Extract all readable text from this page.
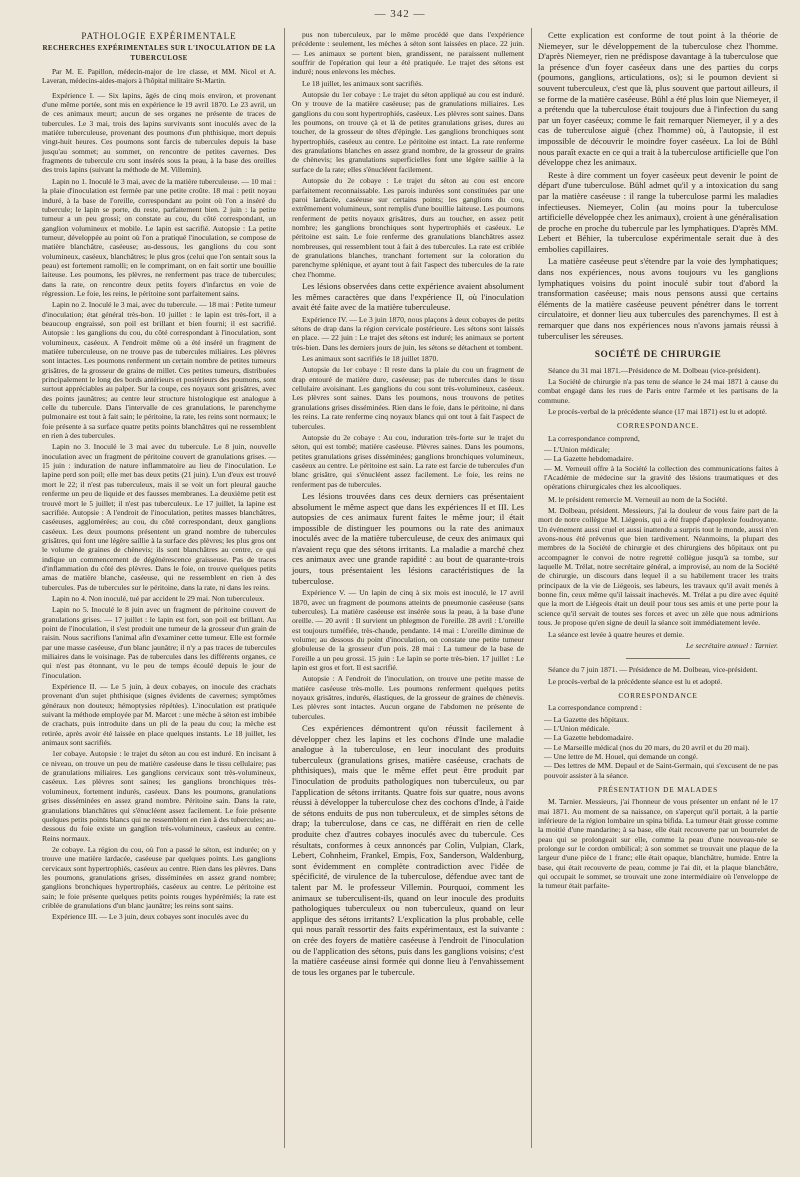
— 342 —
PATHOLOGIE EXPÉRIMENTALE
RECHERCHES EXPÉRIMENTALES SUR L'INOCULATION DE LA TUBERCULOSE

Par M. E. Papillon, médecin-major de 1re classe, et MM. Nicol et A. Laveran, médecins-aides-majors à l'hôpital militaire St-Martin.

Expérience I. — Six lapins, âgés de cinq mois environ, et provenant d'une même portée, sont mis en expérience le 19 avril 1870. Le 23 avril, un de ces animaux meurt; aucun de ses organes ne présente de traces de tubercules. Le 3 mai, trois des lapins survivants sont inoculés avec de la matière tuberculeuse, provenant des poumons d'un phthisique, mort depuis vingt-huit heures. Ces poumons sont farcis de tubercules depuis la base jusqu'au sommet; au sommet, on rencontre de petites cavernes. Des fragments de tubercule cru sont insérés sous la peau, à la base des oreilles des trois lapins (suivant la méthode de M. Villemin).

Lapin no 1. Inoculé le 3 mai, avec de la matière tuberculeuse. — 10 mai : la plaie d'inoculation est fermée par une petite croûte. 18 mai : petit noyau induré, à la base de l'oreille, correspondant au point où l'on a inséré du tubercule; le lapin se porte, du reste, parfaitement bien. 2 juin : la petite tumeur a un peu grossi; on constate au cou, du côté correspondant, un ganglion volumineux et mobile. Le lapin est sacrifié. Autopsie : La petite tumeur, développée au point où l'on a pratiqué l'inoculation, se compose de matière blanchâtre, caséeuse; au-dessous, les ganglions du cou sont volumineux, caséeux, blanchâtres; le plus gros (celui que l'on sentait sous la peau) est fortement ramolli; en le comprimant, on en fait sortir une bouillie laiteuse. Les poumons, les plèvres, ne renferment pas trace de tubercules; dans la rate, on rencontre deux petits foyers d'infarctus en voie de régression. Le foie, les reins, le péritoine sont parfaitement sains.

Lapin no 2. Inoculé le 3 mai, avec du tubercule. — 18 mai : Petite tumeur d'inoculation; état général très-bon. 10 juillet : le lapin est très-fort, il a beaucoup engraissé, son poil est brillant et bien fourni; il est sacrifié. Autopsie : les ganglions du cou, du côté correspondant à l'inoculation, sont volumineux, caséeux. A l'endroit même où a été inséré un fragment de matière tuberculeuse, on ne trouve pas de tubercules miliaires. Les plèvres sont intactes. Les poumons renferment un certain nombre de petites tumeurs grisâtres, de la grosseur de grains de millet. Ces petites tumeurs, distribuées principalement le long des bords antérieurs et postérieurs des poumons, sont surtout appréciables au palper. Sur la coupe, ces noyaux sont grisâtres, avec des points jaunâtres; au centre leur structure histologique est analogue à celle du tubercule. Dans l'intervalle de ces granulations, le parenchyme pulmonaire est tout à fait sain; le péritoine, la rate, les reins sont normaux; le foie présente à sa surface quatre petits points blanchâtres qui ne ressemblent en rien à des tubercules.

Lapin no 3. Inoculé le 3 mai avec du tubercule. Le 8 juin, nouvelle inoculation avec un fragment de péritoine couvert de granulations grises. — 15 juin : induration de nature inflammatoire au lieu de l'inoculation. Le lapine perd son poil; elle met bas deux petits (21 juin). L'un d'eux est trouvé mort le 22; il n'est pas tuberculeux, mais il se voit un fort pleural gauche renferme un peu de liquide et des fausses membranes. La deuxième petit est trouvé mort le 5 juillet; il n'est pas tuberculeux. Le 17 juillet, la lapine est sacrifiée. Autopsie : A l'endroit de l'inoculation, petites masses blanchâtres, caséeuses, agglomérées; au cou, du côté correspondant, deux ganglions caséeux. Les deux poumons présentent un grand nombre de tubercules grisâtres, qui font une légère saillie à la surface des plèvres; les plus gros ont le volume de graines de chènevis; ils sont blanchâtres au centre, ce qui indique un commencement de dégénérescence graisseuse. Pas de traces d'inflammation du côté des plèvres. Dans le foie, on trouve quelques petits amas de matière blanche, caséeuse, qui ne ressemblent en rien à des tubercules. Pas de tubercules sur le péritoine, dans la rate, ni dans les reins.

Lapin no 4. Non inoculé, tué par accident le 29 mai. Non tuberculeux.

Lapin no 5. Inoculé le 8 juin avec un fragment de péritoine couvert de granulations grises. — 17 juillet : le lapin est fort, son poil est brillant. Au point de l'inoculation, il s'est produit une tumeur de la grosseur d'un grain de raisin. Nous sacrifions l'animal afin d'examiner cette tumeur. Elle est formée par une masse caséeuse, d'un blanc jaunâtre; il n'y a pas traces de tubercules miliaires dans le voisinage. Pas de tubercules dans les différents organes, ce qui n'est pas étonnant, vu le peu de temps écoulé depuis le jour de l'inoculation.

Expérience II. — Le 5 juin, à deux cobayes, on inocule des crachats provenant d'un sujet phthisique (signes évidents de cavernes; symptômes généraux non douteux; hémoptysies répétées). L'inoculation est pratiquée suivant la méthode employée par M. Marcet : une mèche à séton est imbibée de crachats, puis introduite dans un pli de la peau du cou; la mèche est retirée, après avoir été laissée en place quelques instants. Le 18 juillet, les animaux sont sacrifiés.

1er cobaye. Autopsie : le trajet du séton au cou est induré. En incisant à ce niveau, on trouve un peu de matière caséeuse dans le tissu cellulaire; pas de granulations miliaires. Les ganglions cervicaux sont très-volumineux, caséeux. Les plèvres sont saines; les ganglions bronchiques très-volumineux, fortement indurés, caséeux. Dans les poumons, granulations grises disséminées en assez grand nombre. Péritoine sain. Dans la rate, granulations blanchâtres qui s'énucléent assez facilement. Le foie présente quelques petits points blancs qui ne ressemblent en rien à des tubercules; au-dessous du foie existe un ganglion très-volumineux, caséeux au centre. Reins normaux.

2e cobaye. La région du cou, où l'on a passé le séton, est indurée; on y trouve une matière lardacée, caséeuse par quelques points. Les ganglions cervicaux sont hypertrophiés, caséeux au centre. Rien dans les plèvres. Dans les poumons, granulations grises, disséminées en assez grand nombre; ganglions bronchiques hypertrophiés, caséeux au centre. Le péritoine est sain; le foie présente quelques petits points rouges hypérémiés; la rate est criblée de granulations d'un blanc jaunâtre; les reins sont sains.

Expérience III. — Le 3 juin, deux cobayes sont inoculés avec du

pus non tuberculeux, par le même procédé que dans l'expérience précédente : seulement, les mèches à séton sont laissées en place. 22 juin. — Les animaux se portent bien, grandissent, ne paraissent nullement souffrir de l'opération qui leur a été pratiquée. Le trajet des sétons est induré; nous enlevons les mèches.

Le 18 juillet, les animaux sont sacrifiés.

Autopsie du 1er cobaye : Le trajet du séton appliqué au cou est induré. On y trouve de la matière caséeuse; pas de granulations miliaires. Les ganglions du cou sont hypertrophiés, caséeux. Les plèvres sont saines. Dans les poumons, on trouve çà et là de petites granulations grises, dures au toucher, de la grosseur de têtes d'épingle. Les ganglions bronchiques sont hypertrophiés, caséeux au centre. Le péritoine est intact. La rate renferme des granulations blanches en assez grand nombre, de la grosseur de grains de chènevis; les granulations superficielles font une légère saillie à la surface de la rate; elles s'énucléent facilement.

Autopsie du 2e cobaye : Le trajet du séton au cou est encore parfaitement reconnaissable. Les parois indurées sont constituées par une paroi lardacée, caséeuse sur certains points; les ganglions du cou, extrêmement volumineux, sont remplis d'une bouillie laiteuse. Les poumons renferment de petits noyaux grisâtres, durs au toucher, en assez petit nombre; les ganglions bronchiques sont hypertrophiés et caséeux. Le péritoine est sain. Le foie renferme des granulations blanchâtres assez nombreuses, qui ressemblent tout à fait à des tubercules. La rate est criblée de granulations blanches, tranchant fortement sur la coloration du parenchyme splénique, et ayant tout à fait l'aspect des tubercules de la rate chez l'homme.

Les lésions observées dans cette expérience avaient absolument les mêmes caractères que dans l'expérience II, où l'inoculation avait été faite avec de la matière tuberculeuse.

Expérience IV. — Le 3 juin 1870, nous plaçons à deux cobayes de petits sétons de drap dans la région cervicale postérieure. Les sétons sont laissés en place. — 22 juin : Le trajet des sétons est induré; les animaux se portent très-bien. Dans les derniers jours de juin, les sétons se détachent et tombent.

Les animaux sont sacrifiés le 18 juillet 1870.

Autopsie du 1er cobaye : Il reste dans la plaie du cou un fragment de drap entouré de matière dure, caséeuse; pas de tubercules dans le tissu cellulaire avoisinant. Les ganglions du cou sont très-volumineux, caséeux. Les plèvres sont saines. Dans les poumons, nous trouvons de petites granulations grises disséminées. Rien dans le foie, dans le péritoine, ni dans les reins. La rate renferme cinq noyaux blancs qui ont tout à fait l'aspect de tubercules.

Autopsie du 2e cobaye : Au cou, induration très-forte sur le trajet du séton, qui est tombé; matière caséeuse. Plèvres saines. Dans les poumons, petites granulations grises disséminées; ganglions bronchiques volumineux, caséeux au centre. Le péritoine est sain. La rate est farcie de tubercules d'un blanc grisâtre, qui s'énucléent assez facilement. Le foie, les reins ne renferment pas de tubercules.

Les lésions trouvées dans ces deux derniers cas présentaient absolument le même aspect que dans les expériences II et III. Les autopsies de ces animaux furent faites le même jour; il était impossible de distinguer les poumons ou la rate des animaux inoculés avec de la matière tuberculeuse, de ceux des animaux qui n'avaient reçu que des sétons irritants. La maladie a marché chez ces animaux avec une grande rapidité : au bout de quarante-trois jours, tous présentaient les lésions caractéristiques de la tuberculose.

Expérience V. — Un lapin de cinq à six mois est inoculé, le 17 avril 1870, avec un fragment de poumons atteints de pneumonie caséeuse (sans tubercules). La matière caséeuse est insérée sous la peau, à la base d'une oreille. — 20 avril : Il survient un phlegmon de l'oreille. 28 avril : L'oreille est toujours tuméfiée, très-chaude, pendante. 14 mai : L'oreille diminue de volume; au dessous du point d'inoculation, on constate une petite tumeur globuleuse de la grosseur d'un pois. 28 mai : La tumeur de la base de l'oreille a un peu grossi. 15 juin : Le lapin se porte très-bien. 17 juillet : Le lapin est gros et fort. Il est sacrifié.

Autopsie : A l'endroit de l'inoculation, on trouve une petite masse de matière caséeuse très-molle. Les poumons renferment quelques petits noyaux grisâtres, indurés, élastiques, de la grosseur de graines de chènevis. Les plèvres sont intactes. Aucun organe de l'abdomen ne présente de tubercules.

Ces expériences démontrent qu'on réussit facilement à développer chez les lapins et les cochons d'Inde une maladie analogue à la tuberculose, en leur inoculant des produits tuberculeux (granulations grises, matière caséeuse, crachats de phthisiques), mais que le même effet peut être produit par l'inoculation de produits pathologiques non tuberculeux, ou par l'application de sétons irritants. Quatre fois sur quatre, nous avons réussi à développer la tuberculose chez des cochons d'Inde, à l'aide de sétons enduits de pus non tuberculeux, et de simples sétons de drap; la tuberculose, dans ce cas, ne différait en rien de celle produite chez d'autres cobayes inoculés avec du tubercule. Ces résultats, conformes à ceux annoncés par Colin, Vulpian, Clark, Lebert, Cohnheim, Frankel, Empis, Fox, Sanderson, Waldenburg, sont évidemment en complète contradiction avec l'idée de spécificité, de virulence de la tuberculose, défendue avec tant de talent par M. le professeur Villemin. Pourquoi, comment les animaux se tuberculisent-ils, quand on leur inocule des produits pathologiques tuberculeux ou non tuberculeux, quand on leur applique des sétons irritants? L'explication la plus probable, celle qui nous paraît ressortir des faits expérimentaux, est la suivante : on crée des foyers de matière caséeuse à l'endroit de l'inoculation ou de l'application des sétons, puis dans les ganglions voisins; c'est la matière caséeuse ainsi formée qui donne lieu à l'envahissement de tous les organes par le tubercule.

Cette explication est conforme de tout point à la théorie de Niemeyer, sur le développement de la tuberculose chez l'homme. D'après Niemeyer, rien ne prédispose davantage à la tuberculose que la présence d'un foyer caséeux dans une des parties du corps (poumons, ganglions, articulations, os); si le poumon devient si souvent tuberculeux, c'est que là, plus souvent que partout ailleurs, il se forme de la matière caséeuse. Bühl a été plus loin que Niemeyer, il a prétendu que la tuberculose était toujours due à l'infection du sang par un foyer caséeux; comme le fait remarquer Niemeyer, il y a des cas de tuberculose aiguë (chez l'homme) où, à l'autopsie, il est impossible de découvrir le moindre foyer caséeux. La loi de Bühl nous paraît exacte en ce qui a trait à la tuberculose artificielle que l'on développe chez les animaux.

Reste à dire comment un foyer caséeux peut devenir le point de départ d'une tuberculose. Bühl admet qu'il y a intoxication du sang par la matière caséeuse : il range la tuberculose parmi les maladies infectieuses. Niemeyer, Colin (au moins pour la tuberculose artificielle développée chez les animaux), croient à une généralisation de proche en proche du tubercule par les lymphatiques. D'après MM. Lebert et Béhier, la tuberculose expérimentale serait due à des embolies capillaires.

La matière caséeuse peut s'étendre par la voie des lymphatiques; dans nos expériences, nous avons toujours vu les ganglions lymphatiques voisins du point inoculé subir tout d'abord la transformation caséeuse; mais nous pensons aussi que certains éléments de la matière caséeuse peuvent pénétrer dans le torrent circulatoire, et donner lieu aux tubercules des parenchymes. Il est à remarquer que dans nos expériences nous n'avons jamais réussi à tuberculiser les séreuses.

SOCIÉTÉ DE CHIRURGIE

Séance du 31 mai 1871.—Présidence de M. Dolbeau (vice-président).

La Société de chirurgie n'a pas tenu de séance le 24 mai 1871 à cause du combat engagé dans les rues de Paris entre l'armée et les partisans de la commune.

Le procès-verbal de la précédente séance (17 mai 1871) est lu et adopté.

CORRESPONDANCE.

La correspondance comprend,

— L'Union médicale;
— La Gazette hebdomadaire.
— M. Verneuil offre à la Société la collection des communications faites à l'Académie de médecine sur la gravité des lésions traumatiques et des opérations chirurgicales chez les alcooliques.

M. le président remercie M. Verneuil au nom de la Société.

M. Dolbeau, président. Messieurs, j'ai la douleur de vous faire part de la mort de notre collègue M. Liégeois, qui a été frappé d'apoplexie foudroyante. Un événement aussi cruel et aussi inattendu a surpris tout le monde, aussi n'en avons-nous été prévenus que bien tardivement. Néanmoins, la plupart des membres de la Société de chirurgie et des chirurgiens des hôpitaux ont pu accompagner le convoi de notre regretté collègue jusqu'à sa tombe, sur laquelle M. Trélat, notre secrétaire général, a improvisé, au nom de la Société de chirurgie, un discours dans lequel il a su habilement tracer les traits principaux de la vie de Liégeois, ses labeurs, les travaux qu'il avait menés à bonne fin, ceux même qu'il laissait inachevés. M. Trélat a pu dire avec équité que la mort de Liégeois était un deuil pour tous ses amis et une perte pour la science qu'il servait de toutes ses forces et avec un zèle que nous admirions tous. Je propose qu'en signe de deuil la séance soit immédiatement levée.

La séance est levée à quatre heures et demie.

Le secrétaire annuel : Tarnier.

Séance du 7 juin 1871. — Présidence de M. Dolbeau, vice-président.

Le procès-verbal de la précédente séance est lu et adopté.

CORRESPONDANCE

La correspondance comprend :

— La Gazette des hôpitaux.
— L'Union médicale.
— La Gazette hebdomadaire.
— Le Marseille médical (nos du 20 mars, du 20 avril et du 20 mai).
— Une lettre de M. Houel, qui demande un congé.
— Des lettres de MM. Depaul et de Saint-Germain, qui s'excusent de ne pas pouvoir assister à la séance.
PRÉSENTATION DE MALADES

M. Tarnier. Messieurs, j'ai l'honneur de vous présenter un enfant né le 17 mai 1871. Au moment de sa naissance, on s'aperçut qu'il portait, à la partie inférieure de la région lombaire un spina bifida. La tumeur était grosse comme la moitié d'une mandarine; à sa base, elle était recouverte par un bourrelet de peau qui se prolongeait sur elle, comme la peau d'une nouveau-née se prolonge sur le cordon ombilical; à son sommet se trouvait une plaque de la largeur d'une pièce de 1 franc; elle était opaque, blanchâtre, humide. Entre la base, qui était recouverte de peau, comme je l'ai dit, et la plaque blanchâtre, qui occupait le sommet, se trouvait une zone intermédiaire où l'enveloppe de la tumeur était parfaite-
